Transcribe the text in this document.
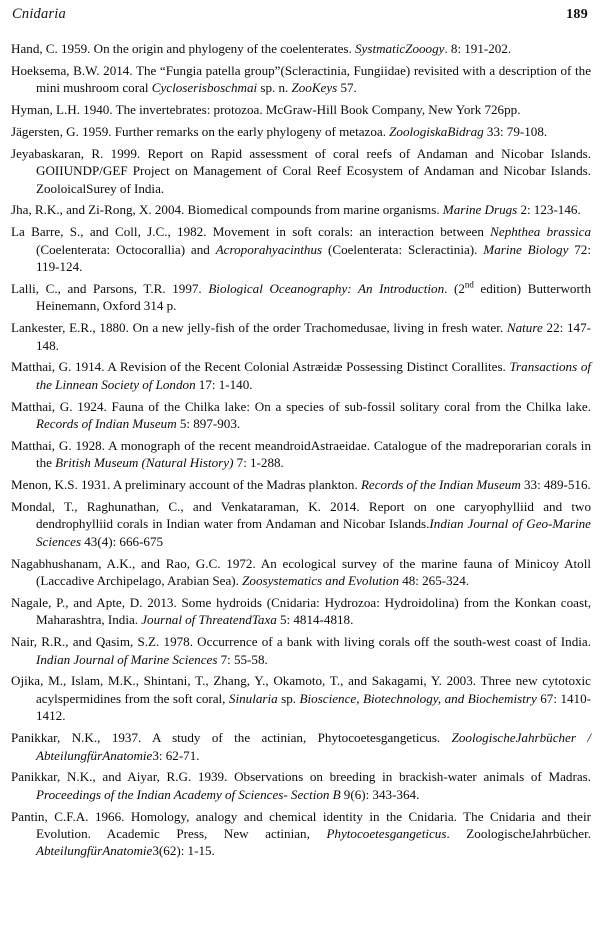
Cnidaria	189

Hand, C. 1959. On the origin and phylogeny of the coelenterates. SystmaticZooogy. 8: 191-202.

Hoeksema, B.W. 2014. The “Fungia patella group”(Scleractinia, Fungiidae) revisited with a description of the mini mushroom coral Cycloserisboschmai sp. n. ZooKeys 57.

Hyman, L.H. 1940. The invertebrates: protozoa. McGraw-Hill Book Company, New York 726pp.

Jägersten, G. 1959. Further remarks on the early phylogeny of metazoa. ZoologiskaBidrag 33: 79-108.

Jeyabaskaran, R. 1999. Report on Rapid assessment of coral reefs of Andaman and Nicobar Islands. GOIIUNDP/GEF Project on Management of Coral Reef Ecosystem of Andaman and Nicobar Islands. ZooloicalSurey of India.

Jha, R.K., and Zi-Rong, X. 2004. Biomedical compounds from marine organisms. Marine Drugs 2: 123-146.

La Barre, S., and Coll, J.C., 1982. Movement in soft corals: an interaction between Nephthea brassica (Coelenterata: Octocorallia) and Acroporahyacinthus (Coelenterata: Scleractinia). Marine Biology 72: 119-124.

Lalli, C., and Parsons, T.R. 1997. Biological Oceanography: An Introduction. (2nd edition) Butterworth Heinemann, Oxford 314 p.

Lankester, E.R., 1880. On a new jelly-fish of the order Trachomedusae, living in fresh water. Nature 22: 147-148.

Matthai, G. 1914. A Revision of the Recent Colonial Astræidæ Possessing Distinct Corallites. Transactions of the Linnean Society of London 17: 1-140.

Matthai, G. 1924. Fauna of the Chilka lake: On a species of sub-fossil solitary coral from the Chilka lake. Records of Indian Museum 5: 897-903.

Matthai, G. 1928. A monograph of the recent meandroidAstraeidae. Catalogue of the madreporarian corals in the British Museum (Natural History) 7: 1-288.

Menon, K.S. 1931. A preliminary account of the Madras plankton. Records of the Indian Museum 33: 489-516.

Mondal, T., Raghunathan, C., and Venkataraman, K. 2014. Report on one caryophylliid and two dendrophylliid corals in Indian water from Andaman and Nicobar Islands.Indian Journal of Geo-Marine Sciences 43(4): 666-675

Nagabhushanam, A.K., and Rao, G.C. 1972. An ecological survey of the marine fauna of Minicoy Atoll (Laccadive Archipelago, Arabian Sea). Zoosystematics and Evolution 48: 265-324.

Nagale, P., and Apte, D. 2013. Some hydroids (Cnidaria: Hydrozoa: Hydroidolina) from the Konkan coast, Maharashtra, India. Journal of ThreatendTaxa 5: 4814-4818.

Nair, R.R., and Qasim, S.Z. 1978. Occurrence of a bank with living corals off the south-west coast of India. Indian Journal of Marine Sciences 7: 55-58.

Ojika, M., Islam, M.K., Shintani, T., Zhang, Y., Okamoto, T., and Sakagami, Y. 2003. Three new cytotoxic acylspermidines from the soft coral, Sinularia sp. Bioscience, Biotechnology, and Biochemistry 67: 1410-1412.

Panikkar, N.K., 1937. A study of the actinian, Phytocoetesgangeticus. ZoologischeJahrbücher / AbteilungfürAnatomie3: 62-71.

Panikkar, N.K., and Aiyar, R.G. 1939. Observations on breeding in brackish-water animals of Madras. Proceedings of the Indian Academy of Sciences- Section B 9(6): 343-364.

Pantin, C.F.A. 1966. Homology, analogy and chemical identity in the Cnidaria. The Cnidaria and their Evolution. Academic Press, New actinian, Phytocoetesgangeticus. ZoologischeJahrbücher. AbteilungfürAnatomie3(62): 1-15.
